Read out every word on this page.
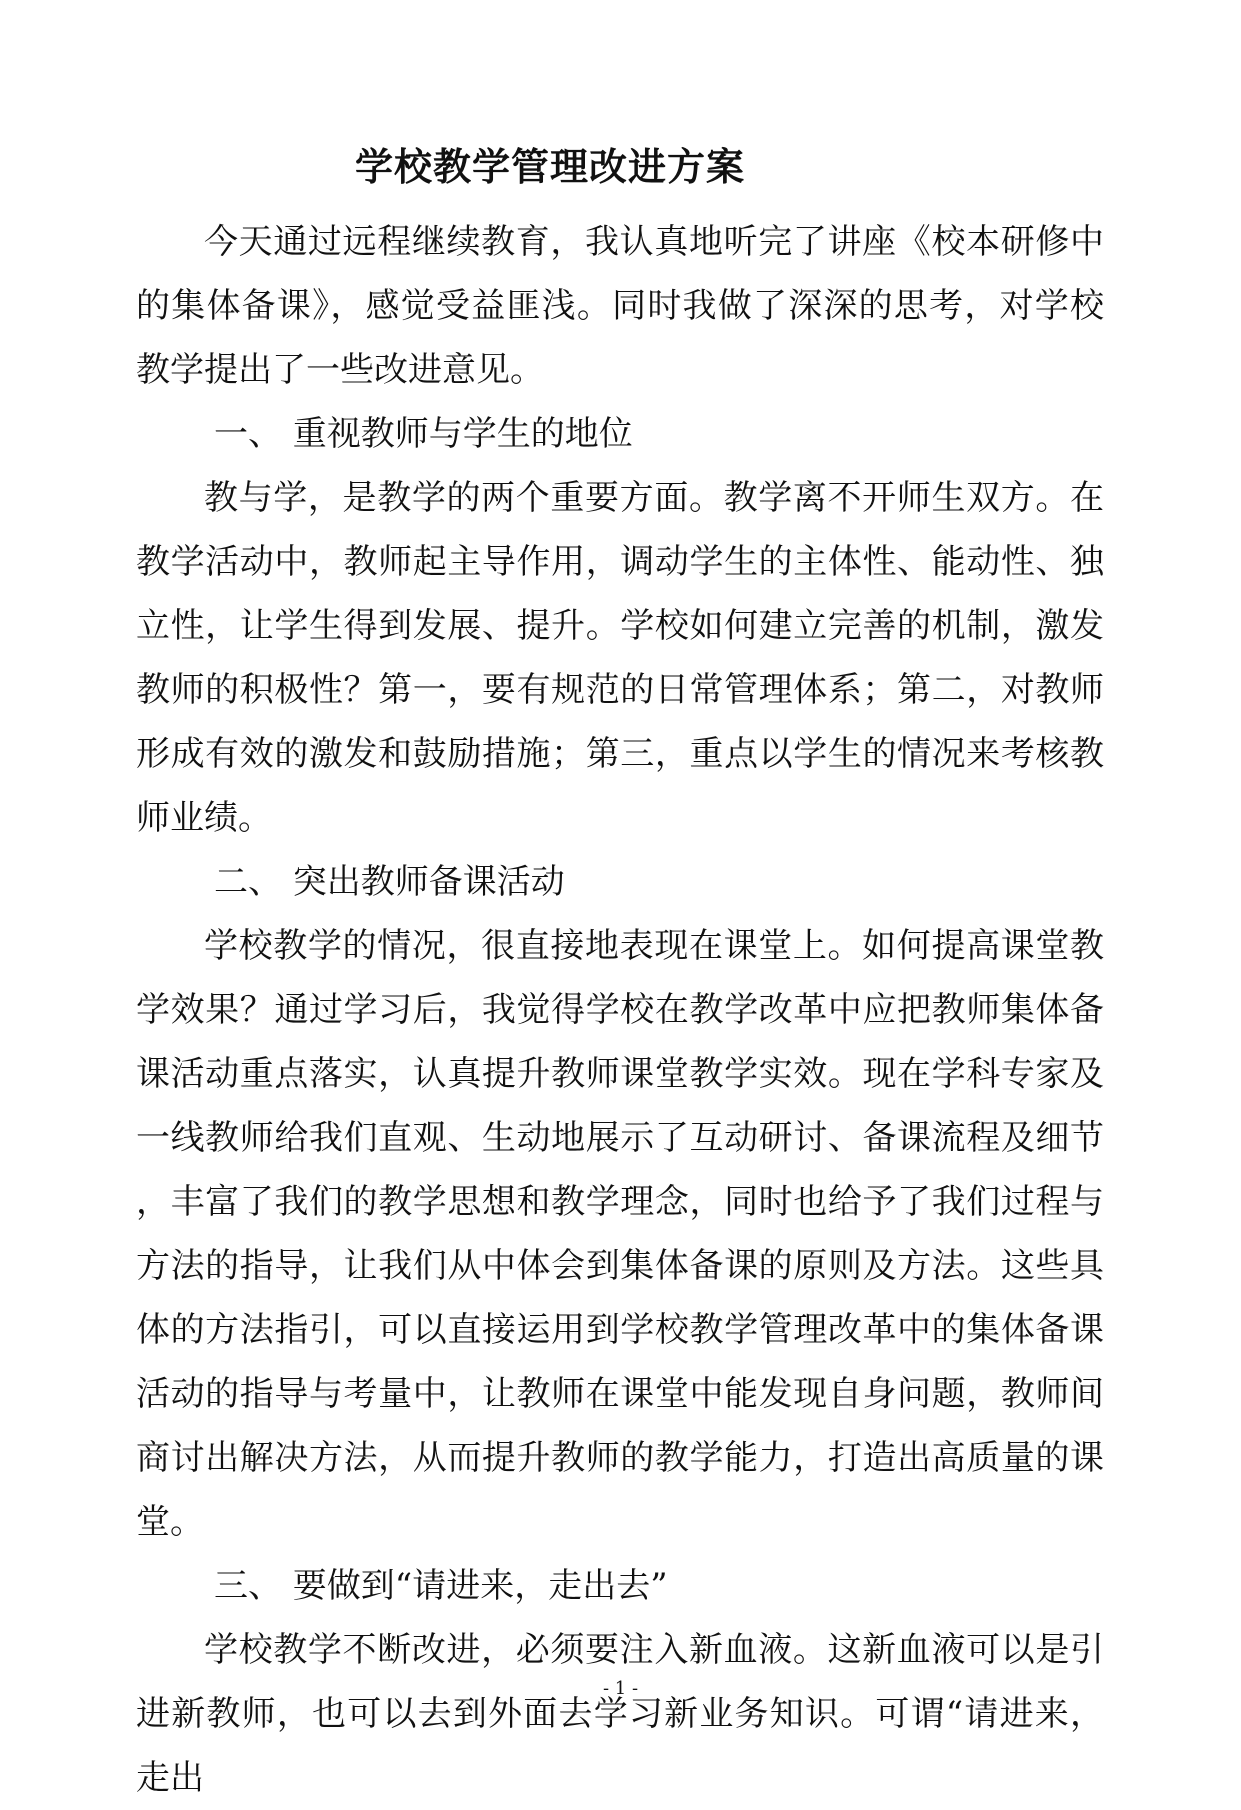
学校教学管理改进方案

今天通过远程继续教育，我认真地听完了讲座《校本研修中的集体备课》，感觉受益匪浅。同时我做了深深的思考，对学校教学提出了一些改进意见。

一、 重视教师与学生的地位

教与学，是教学的两个重要方面。教学离不开师生双方。在教学活动中，教师起主导作用，调动学生的主体性、能动性、独立性，让学生得到发展、提升。学校如何建立完善的机制，激发教师的积极性？第一，要有规范的日常管理体系；第二，对教师形成有效的激发和鼓励措施；第三，重点以学生的情况来考核教师业绩。

二、 突出教师备课活动

学校教学的情况，很直接地表现在课堂上。如何提高课堂教学效果？通过学习后，我觉得学校在教学改革中应把教师集体备课活动重点落实，认真提升教师课堂教学实效。现在学科专家及一线教师给我们直观、生动地展示了互动研讨、备课流程及细节，丰富了我们的教学思想和教学理念，同时也给予了我们过程与方法的指导，让我们从中体会到集体备课的原则及方法。这些具体的方法指引，可以直接运用到学校教学管理改革中的集体备课活动的指导与考量中，让教师在课堂中能发现自身问题，教师间商讨出解决方法，从而提升教师的教学能力，打造出高质量的课堂。

三、 要做到“请进来，走出去”

学校教学不断改进，必须要注入新血液。这新血液可以是引进新教师，也可以去到外面去学习新业务知识。可谓“请进来，走出

- 1 -
